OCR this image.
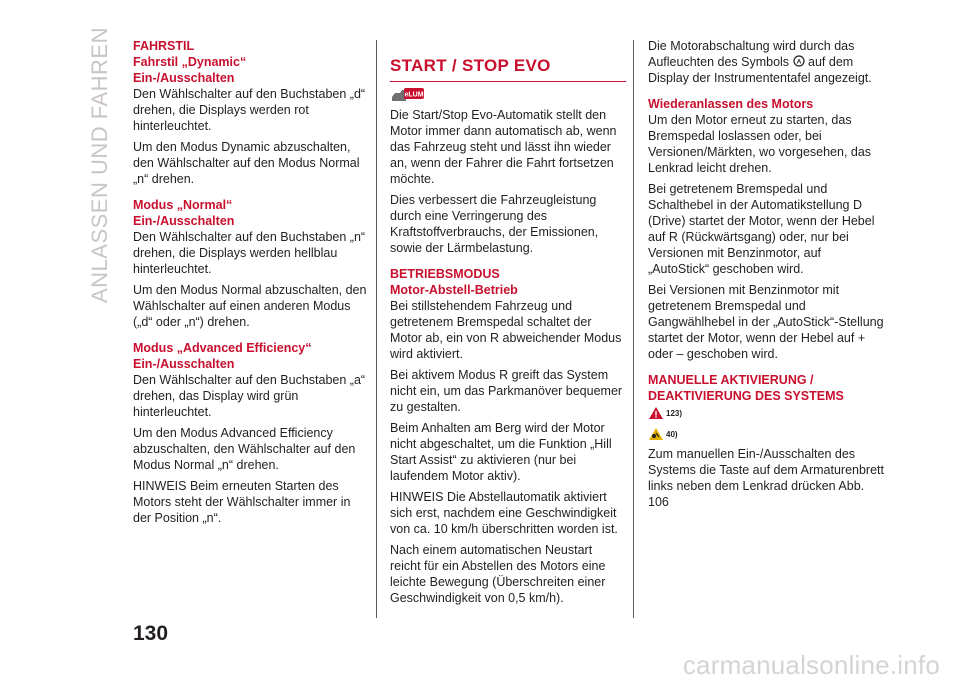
ANLASSEN UND FAHREN FAHRSTIL
Fahrstil „Dynamic“
Ein-/Ausschalten

Den Wählschalter auf den Buchstaben „d“ drehen, die Displays werden rot hinterleuchtet.

Um den Modus Dynamic abzuschalten, den Wählschalter auf den Modus Normal „n“ drehen.

Modus „Normal“
Ein-/Ausschalten

Den Wählschalter auf den Buchstaben „n“ drehen, die Displays werden hellblau hinterleuchtet.

Um den Modus Normal abzuschalten, den Wählschalter auf einen anderen Modus („d“ oder „n“) drehen.

Modus „Advanced Efficiency“
Ein-/Ausschalten

Den Wählschalter auf den Buchstaben „a“ drehen, das Display wird grün hinterleuchtet.

Um den Modus Advanced Efficiency abzuschalten, den Wählschalter auf den Modus Normal „n“ drehen.

HINWEIS Beim erneuten Starten des Motors steht der Wählschalter immer in der Position „n“.

START / STOP EVO
eLUM

Die Start/Stop Evo-Automatik stellt den Motor immer dann automatisch ab, wenn das Fahrzeug steht und lässt ihn wieder an, wenn der Fahrer die Fahrt fortsetzen möchte.

Dies verbessert die Fahrzeugleistung durch eine Verringerung des Kraftstoffverbrauchs, der Emissionen, sowie der Lärmbelastung.

BETRIEBSMODUS
Motor-Abstell-Betrieb

Bei stillstehendem Fahrzeug und getretenem Bremspedal schaltet der Motor ab, ein von R abweichender Modus wird aktiviert.

Bei aktivem Modus R greift das System nicht ein, um das Parkmanöver bequemer zu gestalten.

Beim Anhalten am Berg wird der Motor nicht abgeschaltet, um die Funktion „Hill Start Assist“ zu aktivieren (nur bei laufendem Motor aktiv).

HINWEIS Die Abstellautomatik aktiviert sich erst, nachdem eine Geschwindigkeit von ca. 10 km/h überschritten worden ist.

Nach einem automatischen Neustart reicht für ein Abstellen des Motors eine leichte Bewegung (Überschreiten einer Geschwindigkeit von 0,5 km/h).

Die Motorabschaltung wird durch das Aufleuchten des Symbols A auf dem Display der Instrumententafel angezeigt.

Wiederanlassen des Motors

Um den Motor erneut zu starten, das Bremspedal loslassen oder, bei Versionen/Märkten, wo vorgesehen, das Lenkrad leicht drehen.

Bei getretenem Bremspedal und Schalthebel in der Automatikstellung D (Drive) startet der Motor, wenn der Hebel auf R (Rückwärtsgang) oder, nur bei Versionen mit Benzinmotor, auf „AutoStick“ geschoben wird.

Bei Versionen mit Benzinmotor mit getretenem Bremspedal und Gangwählhebel in der „AutoStick“-Stellung startet der Motor, wenn der Hebel auf + oder – geschoben wird.

MANUELLE AKTIVIERUNG / DEAKTIVIERUNG DES SYSTEMS
123)
40)

Zum manuellen Ein-/Ausschalten des Systems die Taste auf dem Armaturenbrett links neben dem Lenkrad drücken Abb. 106

130
carmanualsonline.info
